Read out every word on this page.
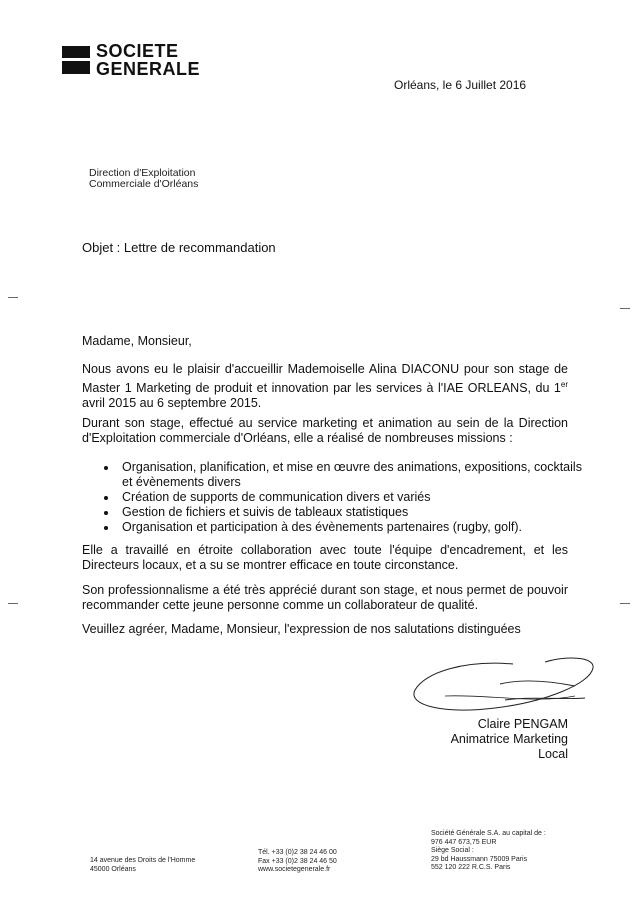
SOCIETE
GENERALE
Orléans, le 6 Juillet 2016
Direction d'Exploitation
Commerciale d'Orléans
Objet : Lettre de recommandation
Madame, Monsieur,
Nous avons eu le plaisir d'accueillir Mademoiselle Alina DIACONU pour son stage de Master 1 Marketing de produit et innovation par les services à l'IAE ORLEANS, du 1er avril 2015 au 6 septembre 2015.
Durant son stage, effectué au service marketing et animation au sein de la Direction d'Exploitation commerciale d'Orléans, elle a réalisé de nombreuses missions :
• Organisation, planification, et mise en œuvre des animations, expositions, cocktails et évènements divers
• Création de supports de communication divers et variés
• Gestion de fichiers et suivis de tableaux statistiques
• Organisation et participation à des évènements partenaires (rugby, golf).
Elle a travaillé en étroite collaboration avec toute l'équipe d'encadrement, et les Directeurs locaux, et a su se montrer efficace en toute circonstance.
Son professionnalisme a été très apprécié durant son stage, et nous permet de pouvoir recommander cette jeune personne comme un collaborateur de qualité.
Veuillez agréer, Madame, Monsieur, l'expression de nos salutations distinguées
Claire PENGAM
Animatrice Marketing Local
14 avenue des Droits de l'Homme
45000 Orléans
Tél. +33 (0)2 38 24 46 00
Fax +33 (0)2 38 24 46 50
www.societegenerale.fr
Société Générale S.A. au capital de :
976 447 673,75 EUR
Siège Social :
29 bd Haussmann 75009 Paris
552 120 222 R.C.S. Paris
